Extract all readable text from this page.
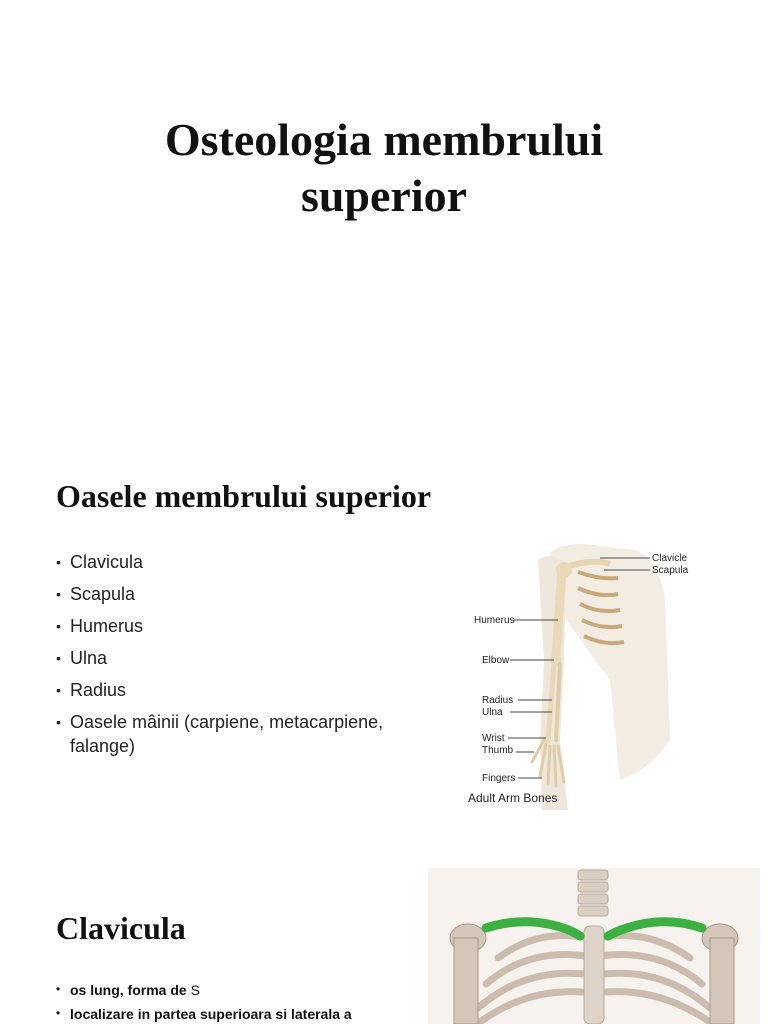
Osteologia membrului
superior
Oasele membrului superior
• Clavicula
• Scapula
• Humerus
• Ulna
• Radius
• Oasele mâinii (carpiene, metacarpiene, falange)
Clavicle
Scapula
Humerus
Elbow
Radius
Ulna
Wrist
Thumb
Fingers
Adult Arm Bones
Clavicula
• os lung, forma de S
• localizare in partea superioara si laterala a
